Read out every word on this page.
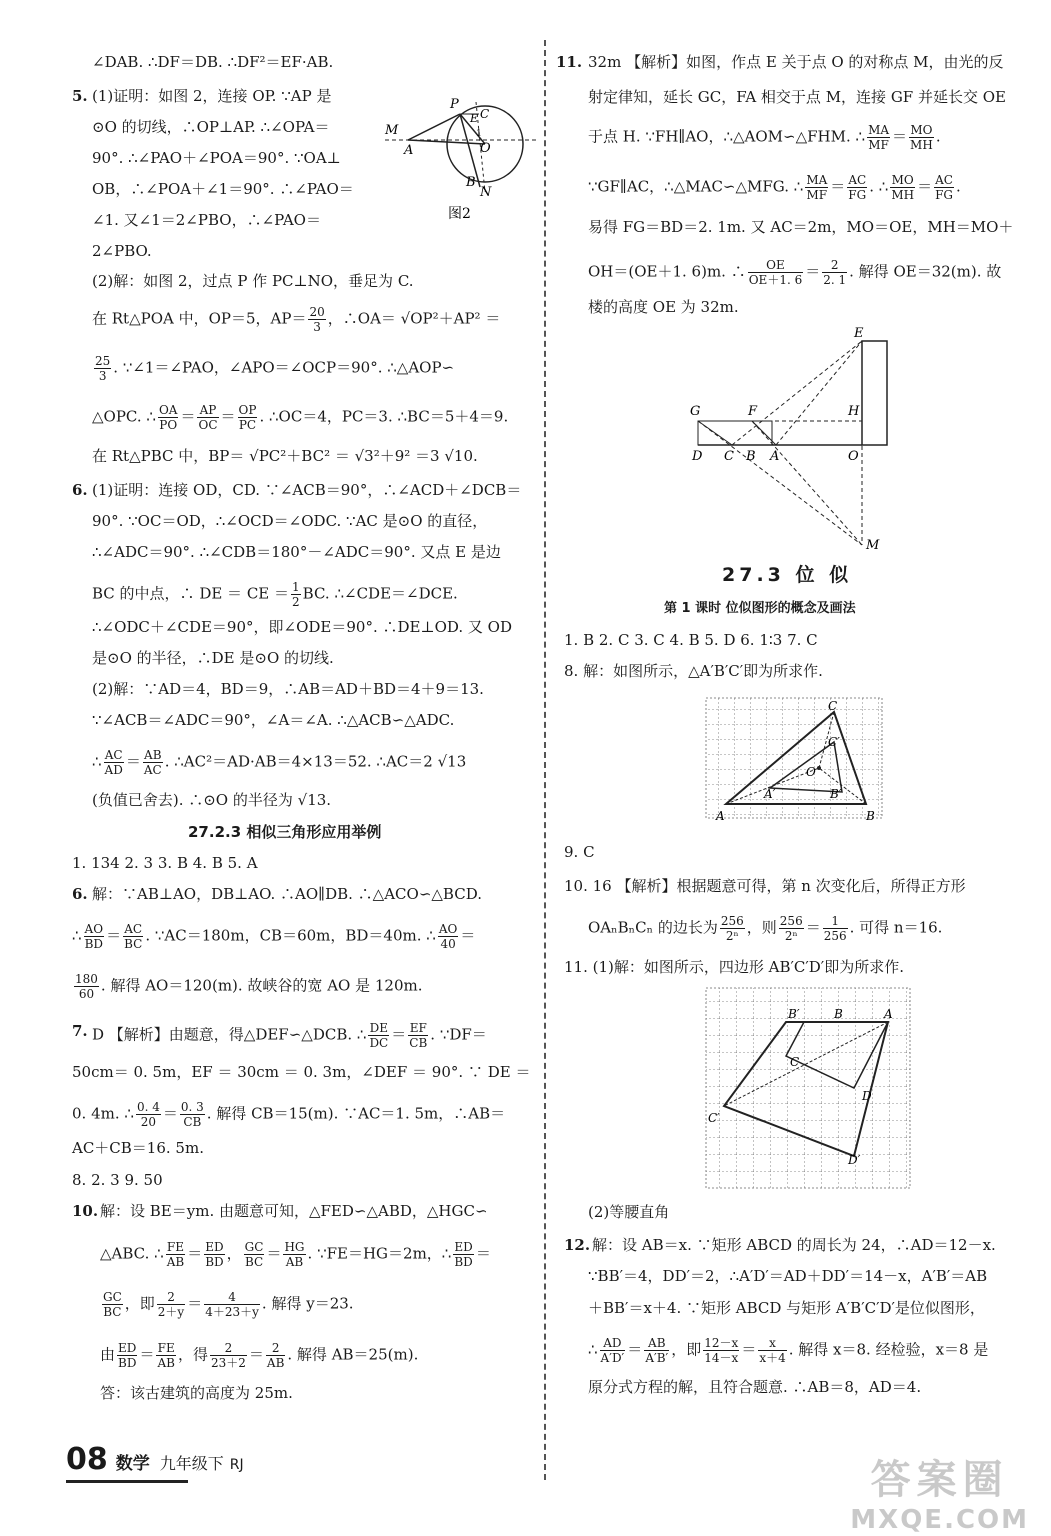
∠DAB. ∴DF＝DB. ∴DF²＝EF·AB.
5. (1)证明：如图 2，连接 OP. ∵AP 是
⊙O 的切线，∴OP⊥AP. ∴∠OPA＝
90°. ∴∠PAO＋∠POA＝90°. ∵OA⊥
OB，∴∠POA＋∠1＝90°. ∴∠PAO＝
∠1. 又∠1＝2∠PBO，∴∠PAO＝
2∠PBO.
(2)解：如图 2，过点 P 作 PC⊥NO，垂足为 C.
在 Rt△POA 中，OP＝5，$AP= \frac{20}{3}$ ，∴OA＝ √OP²＋AP² ＝
$\frac{25}{3}$ . ∵∠1＝∠PAO，∠APO＝∠OCP＝90°. ∴△AOP∽
△OPC. ∴ $\frac{OA}{PO} = \frac{AP}{OC} = \frac{OP}{PC}$ . ∴OC＝4，PC＝3. ∴BC＝5＋4＝9.
在 Rt△PBC 中，BP＝ √PC²＋BC² ＝ √3²＋9² ＝3 √10.
6. (1)证明：连接 OD，CD. ∵∠ACB＝90°，∴∠ACD＋∠DCB＝
90°. ∵OC＝OD，∴∠OCD＝∠ODC. ∵AC 是⊙O 的直径，
∴∠ADC＝90°. ∴∠CDB＝180°－∠ADC＝90°. 又点 E 是边
BC 的中点，∴ DE ＝ CE ＝ $\frac{1}{2}$ BC. ∴∠CDE＝∠DCE.
∴∠ODC＋∠CDE＝90°，即∠ODE＝90°. ∴DE⊥OD. 又 OD
是⊙O 的半径，∴DE 是⊙O 的切线.
(2)解：∵AD＝4，BD＝9，∴AB＝AD＋BD＝4＋9＝13.
∵∠ACB＝∠ADC＝90°，∠A＝∠A. ∴△ACB∽△ADC.
∴ $\frac{AC}{AD} = \frac{AB}{AC}$ . ∴AC²＝AD·AB＝4×13＝52. ∴AC＝2 √13
(负值已舍去). ∴⊙O 的半径为 √13.
27.2.3 相似三角形应用举例
1. 134 2. 3 3. B 4. B 5. A
6. 解：∵AB⊥AO，DB⊥AO. ∴AO∥DB. ∴△ACO∽△BCD.
∴ $\frac{AO}{BD} = \frac{AC}{BC}$ . ∵AC＝180m，CB＝60m，BD＝40m. ∴ $\frac{AO}{40}$ ＝
$\frac{180}{60}$ . 解得 AO＝120(m). 故峡谷的宽 AO 是 120m.
7. D 【解析】由题意，得△DEF∽△DCB. ∴ $\frac{DE}{DC} = \frac{EF}{CB}$ . ∵DF＝
50cm＝ 0. 5m，EF ＝ 30cm ＝ 0. 3m，∠DEF ＝ 90°. ∵ DE ＝
0. 4m. ∴ $\frac{0. 4}{20} = \frac{0. 3}{CB}$ . 解得 CB＝15(m). ∵AC＝1. 5m，∴AB＝
AC＋CB＝16. 5m.
8. 2. 3 9. 50
10. 解：设 BE＝ym. 由题意可知，△FED∽△ABD，△HGC∽
△ABC. ∴ $\frac{FE}{AB} = \frac{ED}{BD}$ ， $\frac{GC}{BC} = \frac{HG}{AB}$ . ∵FE＝HG＝2m，∴ $\frac{ED}{BD}$ ＝
$\frac{GC}{BC}$ ，即 $\frac{2}{2+y} = \frac{4}{4+23+y}$ . 解得 y＝23.
由 $\frac{ED}{BD} = \frac{FE}{AB}$ ，得 $\frac{2}{23+2} = \frac{2}{AB}$ . 解得 AB＝25(m).
答：该古建筑的高度为 25m.
P
E C
M
A	O
B
N
1
图2
11. 32m 【解析】如图，作点 E 关于点 O 的对称点 M，由光的反
射定律知，延长 GC，FA 相交于点 M，连接 GF 并延长交 OE
于点 H. ∵FH∥AO，∴△AOM∽△FHM. ∴ $\frac{MA}{MF} = \frac{MO}{MH}$ .
∵GF∥AC，∴△MAC∽△MFG. ∴ $\frac{MA}{MF} = \frac{AC}{FG}$ . ∴ $\frac{MO}{MH} = \frac{AC}{FG}$ .
易得 FG＝BD＝2. 1m. 又 AC＝2m，MO＝OE，MH＝MO＋
OH＝(OE＋1. 6)m. ∴ $\frac{OE}{OE+1. 6} = \frac{2}{2. 1}$ . 解得 OE＝32(m). 故
楼的高度 OE 为 32m.
27.3 位 似
第 1 课时 位似图形的概念及画法
1. B 2. C 3. C 4. B 5. D 6. 1∶3 7. C
8. 解：如图所示，△A′B′C′即为所求作.
9. C
10. 16 【解析】根据题意可得，第 n 次变化后，所得正方形
OAₙBₙCₙ 的边长为 $\frac{256}{\text{2ⁿ}}$ ，则 $\frac{256}{\text{2ⁿ}} = \frac{1}{256}$ . 可得 n＝16.
11. (1)解：如图所示，四边形 AB′C′D′即为所求作.
(2)等腰直角
12. 解：设 AB＝x. ∵矩形 ABCD 的周长为 24，∴AD＝12－x.
∵BB′＝4，DD′＝2，∴A′D′＝AD＋DD′＝14－x，A′B′＝AB
＋BB′＝x＋4. ∵矩形 ABCD 与矩形 A′B′C′D′是位似图形，
∴ $\frac{AD}{A'D'} = \frac{AB}{A'B'}$ ，即 $\frac{12-x}{14-x} = \frac{x}{x+4}$ . 解得 x＝8. 经检验，x＝8 是
原分式方程的解，且符合题意. ∴AB＝8，AD＝4.
E
G	F	H
D C B A	O
M
C
C′
O
A′	B′
A	B
B′	B	A
C
D
C′
D′
08 数学 九年级下 RJ	答案圈
MXQE.COM
